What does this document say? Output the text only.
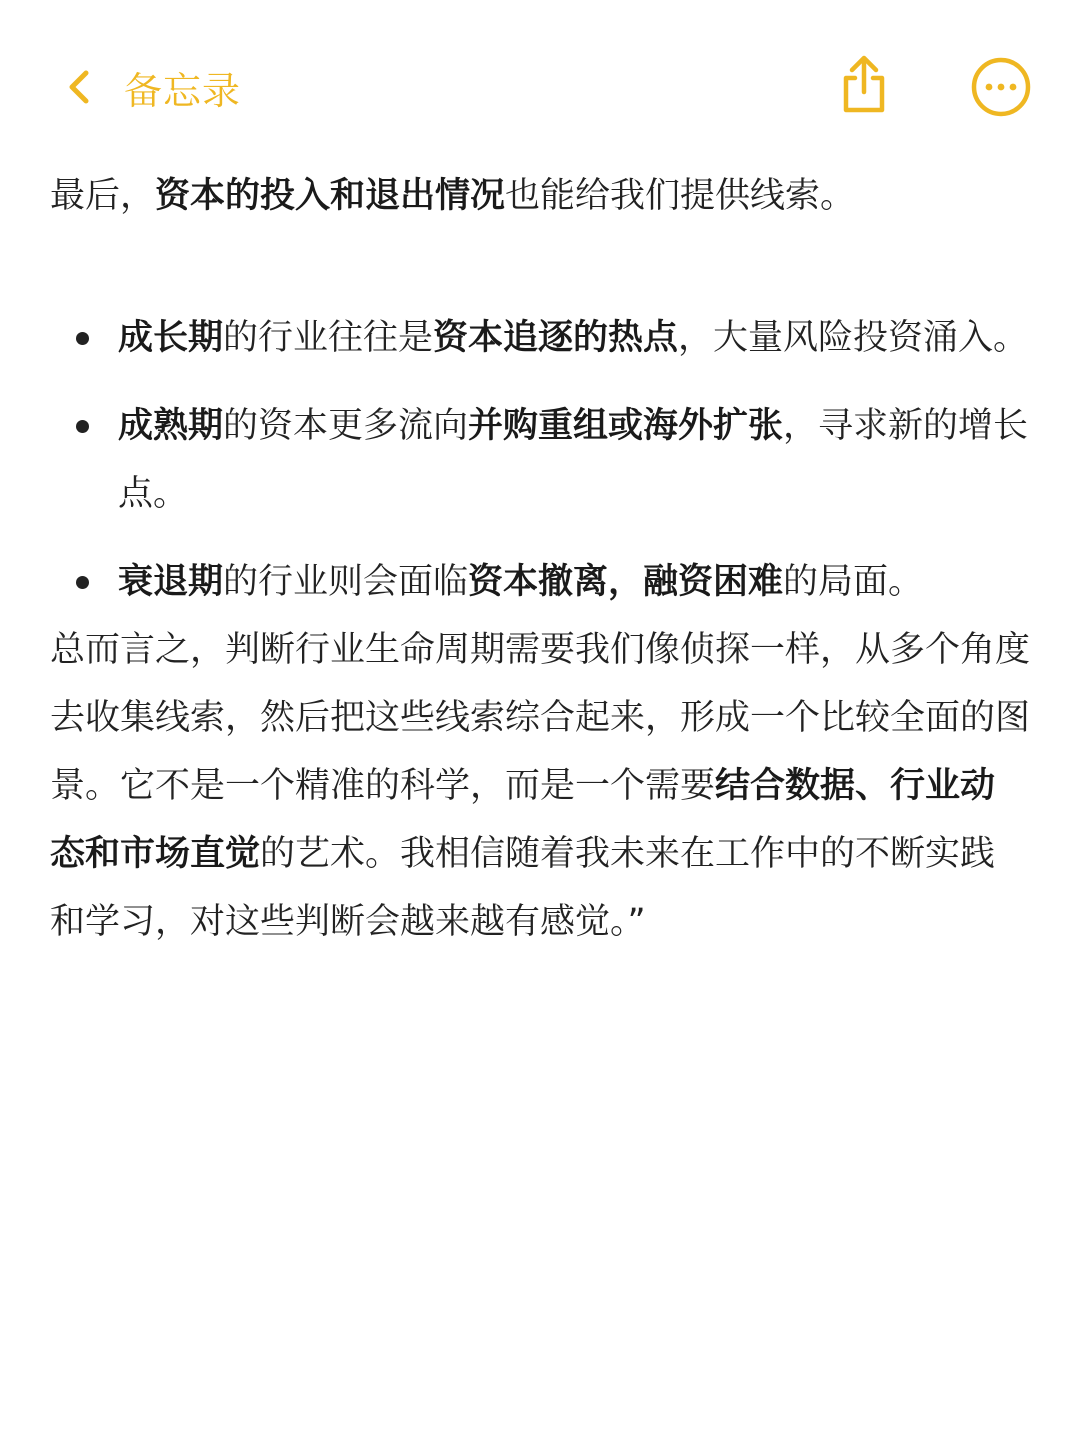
备忘录

最后，资本的投入和退出情况也能给我们提供线索。

成长期的行业往往是资本追逐的热点，大量风险投资涌入。
成熟期的资本更多流向并购重组或海外扩张，寻求新的增长点。
衰退期的行业则会面临资本撤离，融资困难的局面。

总而言之，判断行业生命周期需要我们像侦探一样，从多个角度去收集线索，然后把这些线索综合起来，形成一个比较全面的图景。它不是一个精准的科学，而是一个需要结合数据、行业动态和市场直觉的艺术。我相信随着我未来在工作中的不断实践和学习，对这些判断会越来越有感觉。”
